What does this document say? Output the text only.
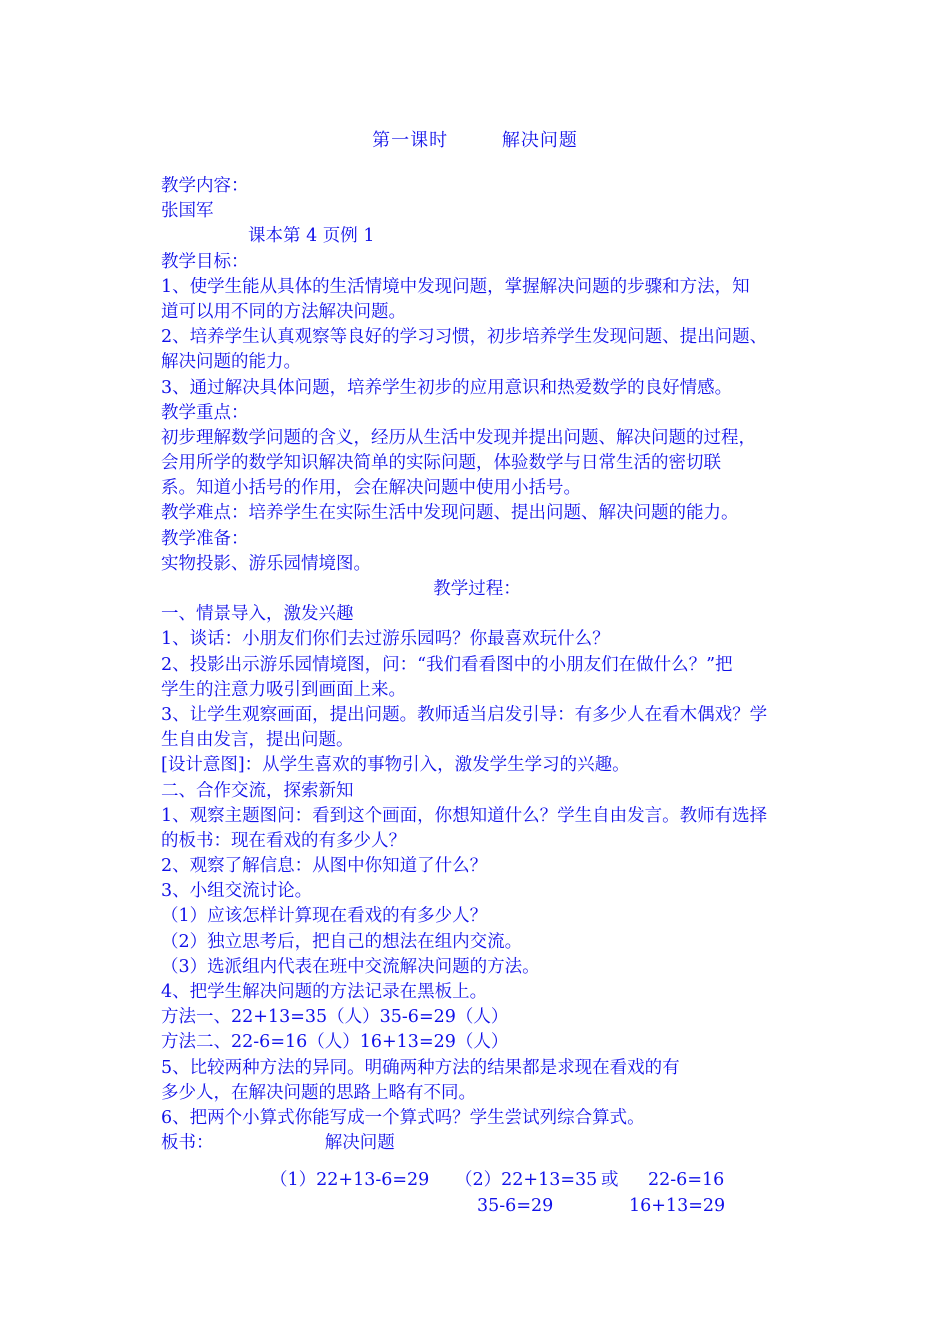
第一课时        解决问题
教学内容：
张国军
课本第 4 页例 1
教学目标：
1、使学生能从具体的生活情境中发现问题，掌握解决问题的步骤和方法，知
道可以用不同的方法解决问题。
2、培养学生认真观察等良好的学习习惯，初步培养学生发现问题、提出问题、
解决问题的能力。
3、通过解决具体问题，培养学生初步的应用意识和热爱数学的良好情感。
教学重点：
初步理解数学问题的含义，经历从生活中发现并提出问题、解决问题的过程，
会用所学的数学知识解决简单的实际问题，体验数学与日常生活的密切联
系。知道小括号的作用，会在解决问题中使用小括号。
教学难点：培养学生在实际生活中发现问题、提出问题、解决问题的能力。
教学准备：
实物投影、游乐园情境图。
教学过程：
一、情景导入，激发兴趣
1、谈话：小朋友们你们去过游乐园吗？你最喜欢玩什么？
2、投影出示游乐园情境图，问：“我们看看图中的小朋友们在做什么？”把
学生的注意力吸引到画面上来。
3、让学生观察画面，提出问题。教师适当启发引导：有多少人在看木偶戏？学
生自由发言，提出问题。
[设计意图]：从学生喜欢的事物引入，激发学生学习的兴趣。
二、合作交流，探索新知
1、观察主题图问：看到这个画面，你想知道什么？学生自由发言。教师有选择
的板书：现在看戏的有多少人？
2、观察了解信息：从图中你知道了什么？
3、小组交流讨论。
（1）应该怎样计算现在看戏的有多少人？
（2）独立思考后，把自己的想法在组内交流。
（3）选派组内代表在班中交流解决问题的方法。
4、把学生解决问题的方法记录在黑板上。
方法一、22+13=35（人）35-6=29（人）
方法二、22-6=16（人）16+13=29（人）
5、比较两种方法的异同。明确两种方法的结果都是求现在看戏的有
多少人，在解决问题的思路上略有不同。
6、把两个小算式你能写成一个算式吗？学生尝试列综合算式。
板书：                    解决问题
（1）22+13-6=29 （2）22+13=35 或 22-6=16
35-6=29	16+13=29
